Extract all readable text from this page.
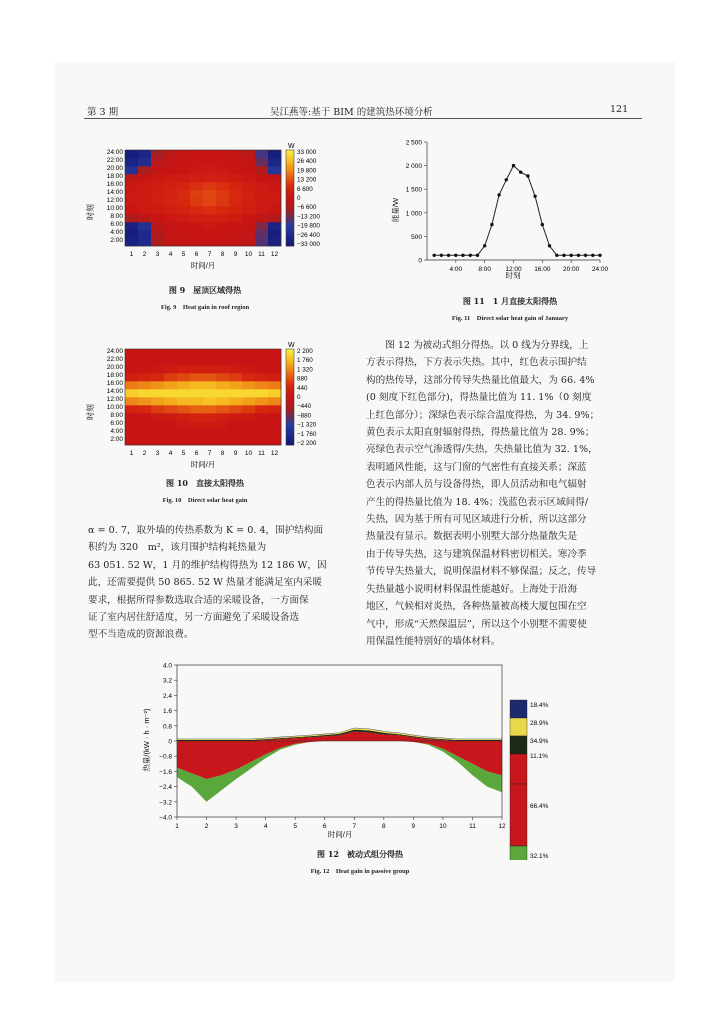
第 3 期	吴江燕等:基于 BIM 的建筑热环境分析	121
24:00
22:00
20:00
18:00
16:00
14:00
12:00
10:00
8:00
6:00
4:00
2:00
1 2 3 4 5 6 7 8 9 10 11 12
33 000
26 400
19 800
13 200
6 600
0
−6 600
−13 200
−19 800
−26 400
−33 000
W
时刻
时间/月
图 9　屋顶区域得热
Fig. 9　Heat gain in roof region
24:00
22:00
20:00
18:00
16:00
14:00
12:00
10:00
8:00
6:00
4:00
2:00
1 2 3 4 5 6 7 8 9 10 11 12
2 200
1 760
1 320
880
440
0
−440
−880
−1 320
−1 760
−2 200
W
时刻
时间/月
图 10　直接太阳得热
Fig. 10　Direct solar heat gain

α = 0. 7，取外墙的传热系数为 K = 0. 4，围护结构面

积约为 320　m²，该月围护结构耗热量为

63 051. 52 W，1 月的维护结构得热为 12 186 W，因

此，还需要提供 50 865. 52 W 热量才能满足室内采暖

要求，根据所得参数选取合适的采暖设备，一方面保

证了室内居住舒适度，另一方面避免了采暖设备选

型不当造成的资源浪费。

2 500
2 000
1 500
1 000
500
0
4:00 8:00 12:00 16:00 20:00 24:00
能量/W
时刻
图 11　1 月直接太阳得热
Fig. 11　Direct solar heat gain of January

　　图 12 为被动式组分得热。以 0 线为分界线，上

方表示得热，下方表示失热。其中，红色表示围护结

构的热传导，这部分传导失热量比值最大，为 66. 4%

(0 刻度下红色部分)，得热量比值为 11. 1%（0 刻度

上红色部分）；深绿色表示综合温度得热，为 34. 9%；

黄色表示太阳直射辐射得热，得热量比值为 28. 9%；

亮绿色表示空气渗透得/失热，失热量比值为 32. 1%，

表明通风性能，这与门窗的气密性有直接关系；深蓝

色表示内部人员与设备得热，即人员活动和电气辐射

产生的得热量比值为 18. 4%；浅蓝色表示区域间得/

失热，因为基于所有可见区域进行分析，所以这部分

热量没有显示。数据表明小别墅大部分热量散失是

由于传导失热，这与建筑保温材料密切相关。寒冷季

节传导失热量大，说明保温材料不够保温；反之，传导

失热量越小说明材料保温性能越好。上海处于沿海

地区，气候相对炎热，各种热量被高楼大厦包围在空

气中，形成“天然保温层”，所以这个小别墅不需要使

用保温性能特别好的墙体材料。

4.0
3.2
2.4
1.6
0.8
0
−0.8
−1.6
−2.4
−3.2
−4.0
1	2	3	4	5	6	7	8	9	10	11	12
18.4%
28.9%
34.9%
11.1%
66.4%
32.1%
热量/(kW · h · m⁻²)
时间/月
图 12　被动式组分得热
Fig. 12　Heat gain in passive group
